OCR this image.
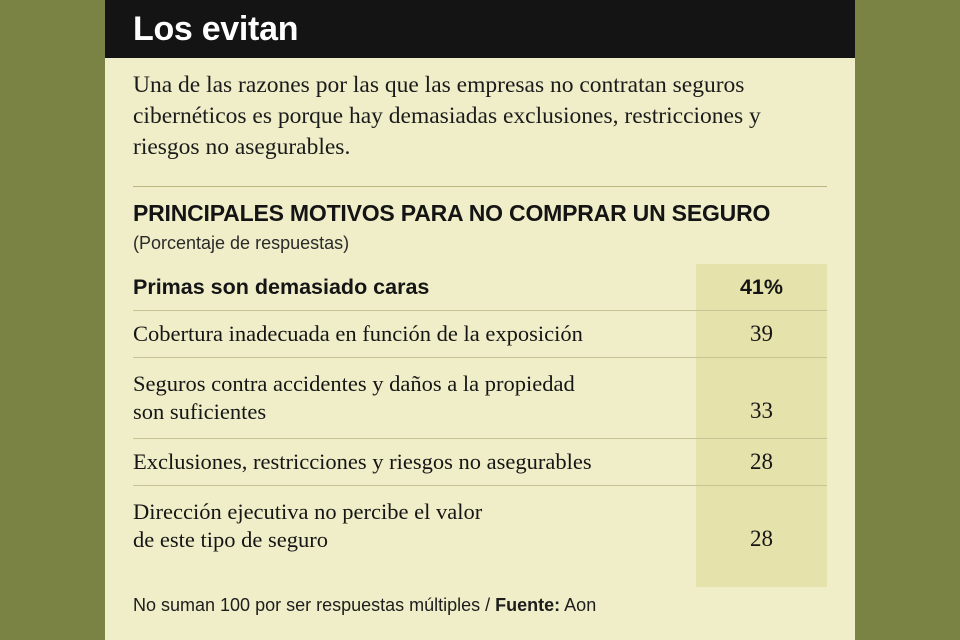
Los evitan
Una de las razones por las que las empresas no contratan seguros cibernéticos es porque hay demasiadas exclusiones, restricciones y riesgos no asegurables.
PRINCIPALES MOTIVOS PARA NO COMPRAR UN SEGURO
(Porcentaje de respuestas)
Primas son demasiado caras	41%
Cobertura inadecuada en función de la exposición	39
Seguros contra accidentes y daños a la propiedad
son suficientes	33
Exclusiones, restricciones y riesgos no asegurables	28
Dirección ejecutiva no percibe el valor
de este tipo de seguro	28
No suman 100 por ser respuestas múltiples / Fuente: Aon
